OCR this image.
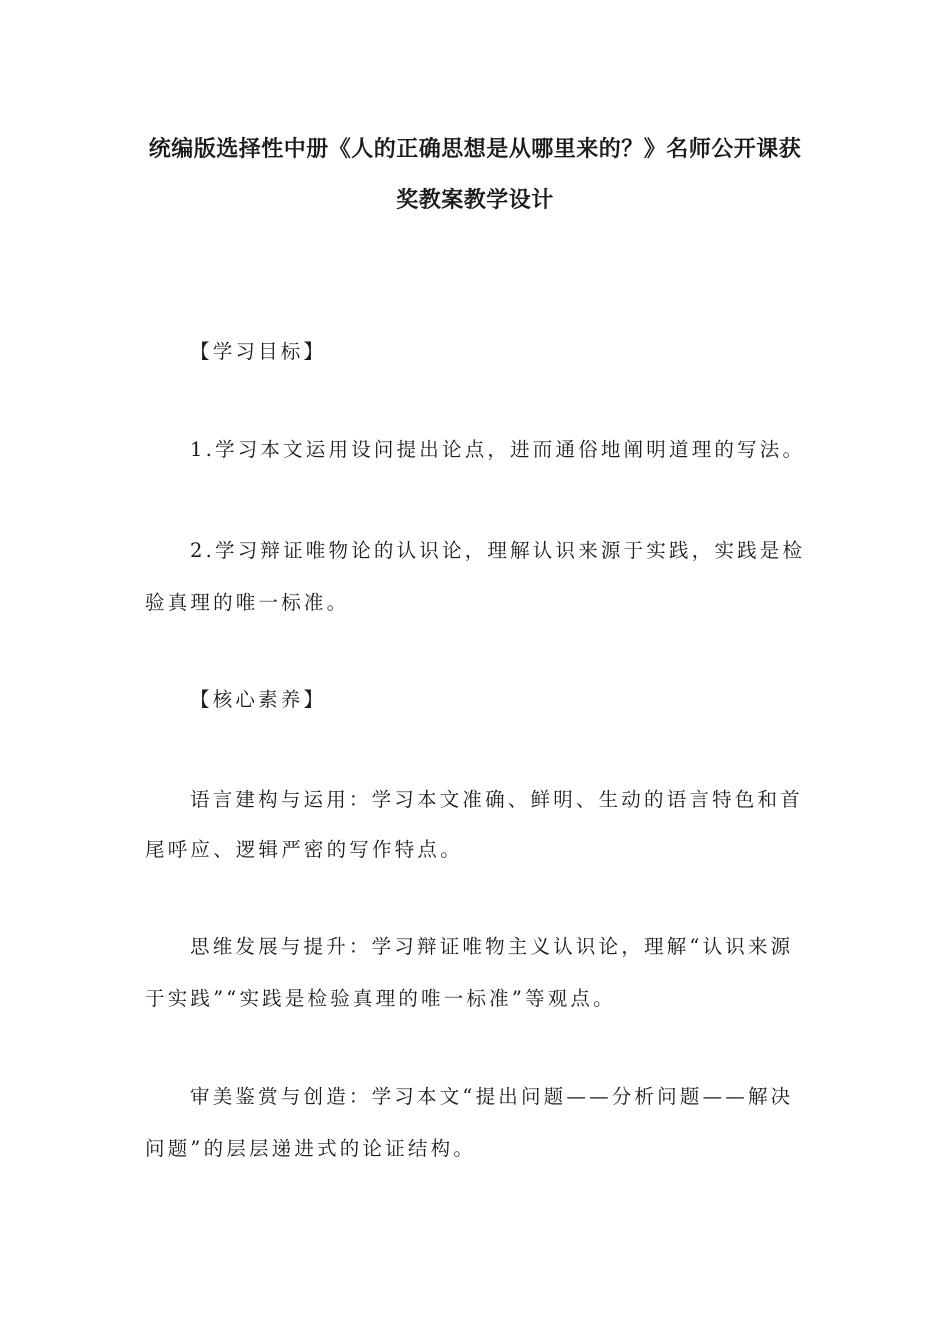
统编版选择性中册《人的正确思想是从哪里来的？》名师公开课获
奖教案教学设计
【学习目标】
1.学习本文运用设问提出论点，进而通俗地阐明道理的写法。
2.学习辩证唯物论的认识论，理解认识来源于实践，实践是检
验真理的唯一标准。
【核心素养】
语言建构与运用：学习本文准确、鲜明、生动的语言特色和首
尾呼应、逻辑严密的写作特点。
思维发展与提升：学习辩证唯物主义认识论，理解“认识来源
于实践”“实践是检验真理的唯一标准”等观点。
审美鉴赏与创造：学习本文“提出问题——分析问题——解决
问题”的层层递进式的论证结构。
